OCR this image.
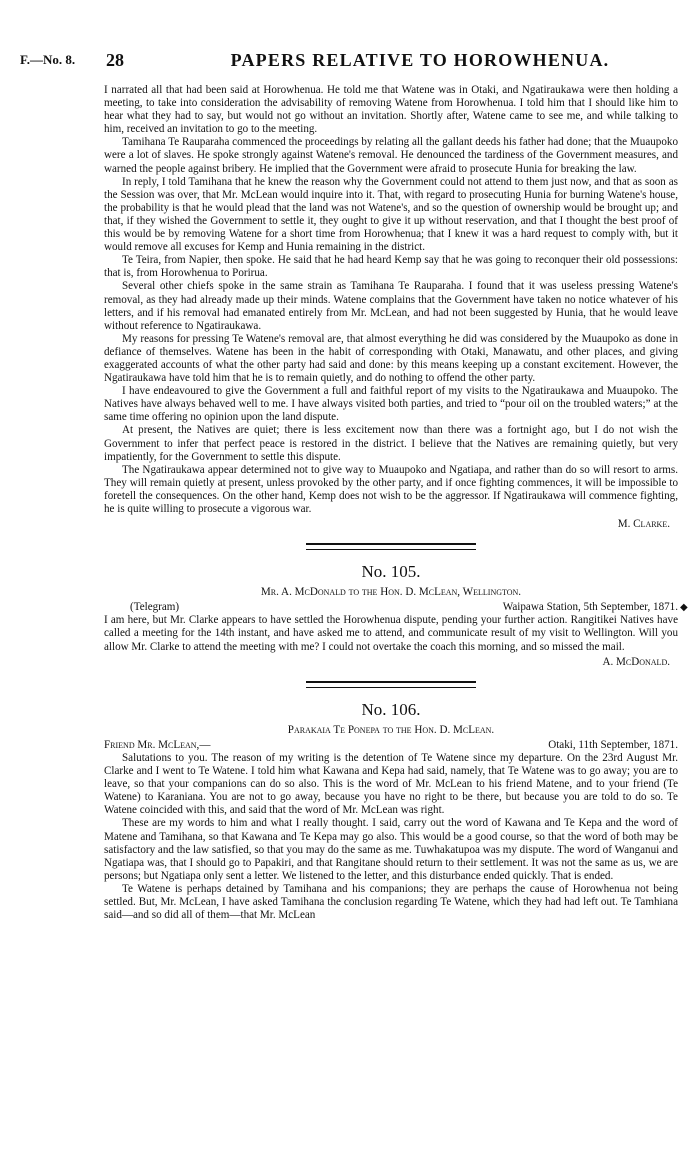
F.—No. 8. 28	PAPERS RELATIVE TO HOROWHENUA.

I narrated all that had been said at Horowhenua. He told me that Watene was in Otaki, and Ngatiraukawa were then holding a meeting, to take into consideration the advisability of removing Watene from Horowhenua. I told him that I should like him to hear what they had to say, but would not go without an invitation. Shortly after, Watene came to see me, and while talking to him, received an invitation to go to the meeting.

Tamihana Te Rauparaha commenced the proceedings by relating all the gallant deeds his father had done; that the Muaupoko were a lot of slaves. He spoke strongly against Watene's removal. He denounced the tardiness of the Government measures, and warned the people against bribery. He implied that the Government were afraid to prosecute Hunia for breaking the law.

In reply, I told Tamihana that he knew the reason why the Government could not attend to them just now, and that as soon as the Session was over, that Mr. McLean would inquire into it. That, with regard to prosecuting Hunia for burning Watene's house, the probability is that he would plead that the land was not Watene's, and so the question of ownership would be brought up; and that, if they wished the Government to settle it, they ought to give it up without reservation, and that I thought the best proof of this would be by removing Watene for a short time from Horowhenua; that I knew it was a hard request to comply with, but it would remove all excuses for Kemp and Hunia remaining in the district.

Te Teira, from Napier, then spoke. He said that he had heard Kemp say that he was going to reconquer their old possessions: that is, from Horowhenua to Porirua.

Several other chiefs spoke in the same strain as Tamihana Te Rauparaha. I found that it was useless pressing Watene's removal, as they had already made up their minds. Watene complains that the Government have taken no notice whatever of his letters, and if his removal had emanated entirely from Mr. McLean, and had not been suggested by Hunia, that he would leave without reference to Ngatiraukawa.

My reasons for pressing Te Watene's removal are, that almost everything he did was considered by the Muaupoko as done in defiance of themselves. Watene has been in the habit of corresponding with Otaki, Manawatu, and other places, and giving exaggerated accounts of what the other party had said and done: by this means keeping up a constant excitement. However, the Ngatiraukawa have told him that he is to remain quietly, and do nothing to offend the other party.

I have endeavoured to give the Government a full and faithful report of my visits to the Ngatiraukawa and Muaupoko. The Natives have always behaved well to me. I have always visited both parties, and tried to “pour oil on the troubled waters;” at the same time offering no opinion upon the land dispute.

At present, the Natives are quiet; there is less excitement now than there was a fortnight ago, but I do not wish the Government to infer that perfect peace is restored in the district. I believe that the Natives are remaining quietly, but very impatiently, for the Government to settle this dispute.

The Ngatiraukawa appear determined not to give way to Muaupoko and Ngatiapa, and rather than do so will resort to arms. They will remain quietly at present, unless provoked by the other party, and if once fighting commences, it will be impossible to foretell the consequences. On the other hand, Kemp does not wish to be the aggressor. If Ngatiraukawa will commence fighting, he is quite willing to prosecute a vigorous war.

M. Clarke.

No. 105.
Mr. A. McDonald to the Hon. D. McLean, Wellington.
(Telegram)	Waipawa Station, 5th September, 1871.

I am here, but Mr. Clarke appears to have settled the Horowhenua dispute, pending your further action. Rangitikei Natives have called a meeting for the 14th instant, and have asked me to attend, and communicate result of my visit to Wellington. Will you allow Mr. Clarke to attend the meeting with me? I could not overtake the coach this morning, and so missed the mail.

A. McDonald.

No. 106.
Parakaia Te Ponepa to the Hon. D. McLean.
Friend Mr. McLean,—	Otaki, 11th September, 1871.

Salutations to you. The reason of my writing is the detention of Te Watene since my departure. On the 23rd August Mr. Clarke and I went to Te Watene. I told him what Kawana and Kepa had said, namely, that Te Watene was to go away; you are to leave, so that your companions can do so also. This is the word of Mr. McLean to his friend Matene, and to your friend (Te Watene) to Karaniana. You are not to go away, because you have no right to be there, but because you are told to do so. Te Watene coincided with this, and said that the word of Mr. McLean was right.

These are my words to him and what I really thought. I said, carry out the word of Kawana and Te Kepa and the word of Matene and Tamihana, so that Kawana and Te Kepa may go also. This would be a good course, so that the word of both may be satisfactory and the law satisfied, so that you may do the same as me. Tuwhakatupoa was my dispute. The word of Wanganui and Ngatiapa was, that I should go to Papakiri, and that Rangitane should return to their settlement. It was not the same as us, we are persons; but Ngatiapa only sent a letter. We listened to the letter, and this disturbance ended quickly. That is ended.

Te Watene is perhaps detained by Tamihana and his companions; they are perhaps the cause of Horowhenua not being settled. But, Mr. McLean, I have asked Tamihana the conclusion regarding Te Watene, which they had had left out. Te Tamhiana said—and so did all of them—that Mr. McLean

◆
